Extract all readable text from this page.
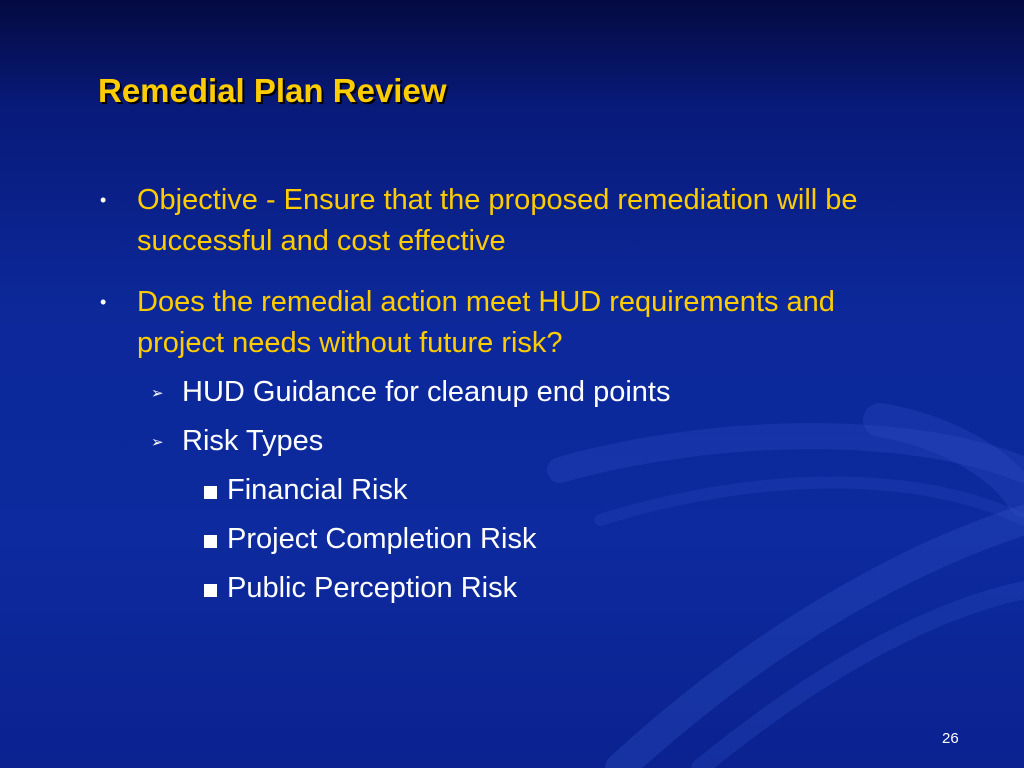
Remedial Plan Review
• Objective - Ensure that the proposed remediation will be successful and cost effective
• Does the remedial action meet HUD requirements and project needs without future risk?
➢ HUD Guidance for cleanup end points
➢ Risk Types
Financial Risk
Project Completion Risk
Public Perception Risk
26
